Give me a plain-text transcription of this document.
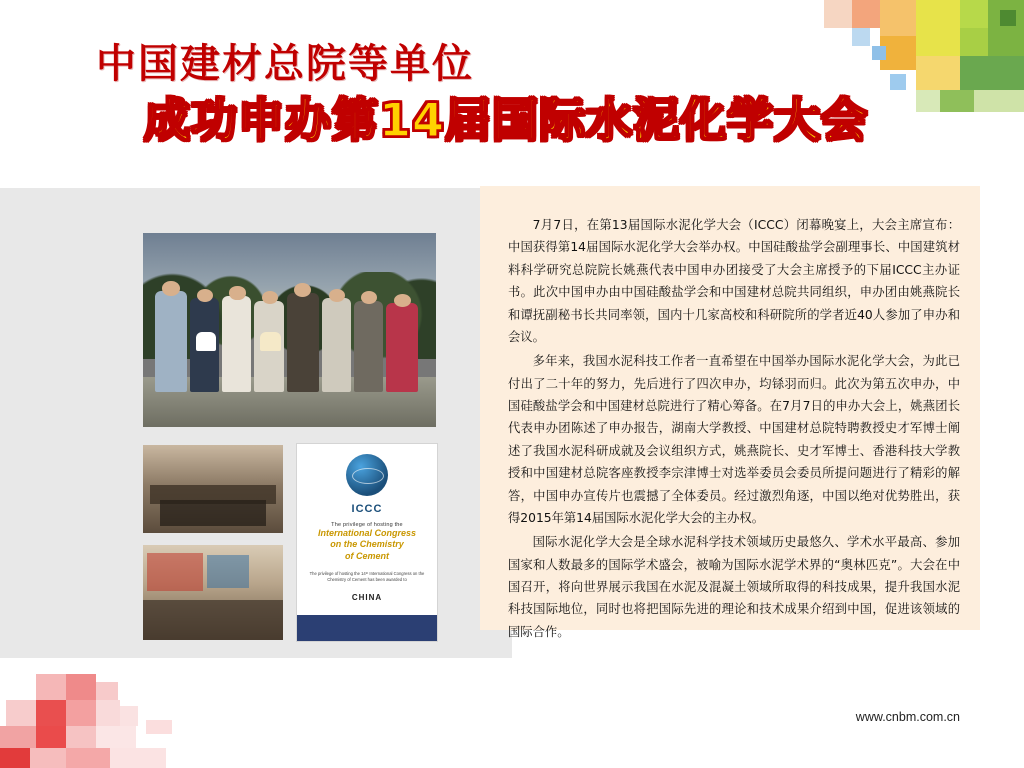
中国建材总院等单位
成功申办第14届国际水泥化学大会
ICCC
The privilege of hosting the
International Congress
on the Chemistry
of Cement
The privilege of hosting the 14ᵗʰ International Congress on the Chemistry of Cement has been awarded to
CHINA

7月7日，在第13届国际水泥化学大会（ICCC）闭幕晚宴上，大会主席宣布：中国获得第14届国际水泥化学大会举办权。中国硅酸盐学会副理事长、中国建筑材料科学研究总院院长姚燕代表中国申办团接受了大会主席授予的下届ICCC主办证书。此次中国申办由中国硅酸盐学会和中国建材总院共同组织，申办团由姚燕院长和谭抚副秘书长共同率领，国内十几家高校和科研院所的学者近40人参加了申办和会议。

多年来，我国水泥科技工作者一直希望在中国举办国际水泥化学大会，为此已付出了二十年的努力，先后进行了四次申办，均铩羽而归。此次为第五次申办，中国硅酸盐学会和中国建材总院进行了精心筹备。在7月7日的申办大会上，姚燕团长代表申办团陈述了申办报告，湖南大学教授、中国建材总院特聘教授史才军博士阐述了我国水泥科研成就及会议组织方式，姚燕院长、史才军博士、香港科技大学教授和中国建材总院客座教授李宗津博士对选举委员会委员所提问题进行了精彩的解答，中国申办宣传片也震撼了全体委员。经过激烈角逐，中国以绝对优势胜出，获得2015年第14届国际水泥化学大会的主办权。

国际水泥化学大会是全球水泥科学技术领域历史最悠久、学术水平最高、参加国家和人数最多的国际学术盛会，被喻为国际水泥学术界的“奥林匹克”。大会在中国召开，将向世界展示我国在水泥及混凝土领域所取得的科技成果，提升我国水泥科技国际地位，同时也将把国际先进的理论和技术成果介绍到中国，促进该领域的国际合作。

www.cnbm.com.cn
